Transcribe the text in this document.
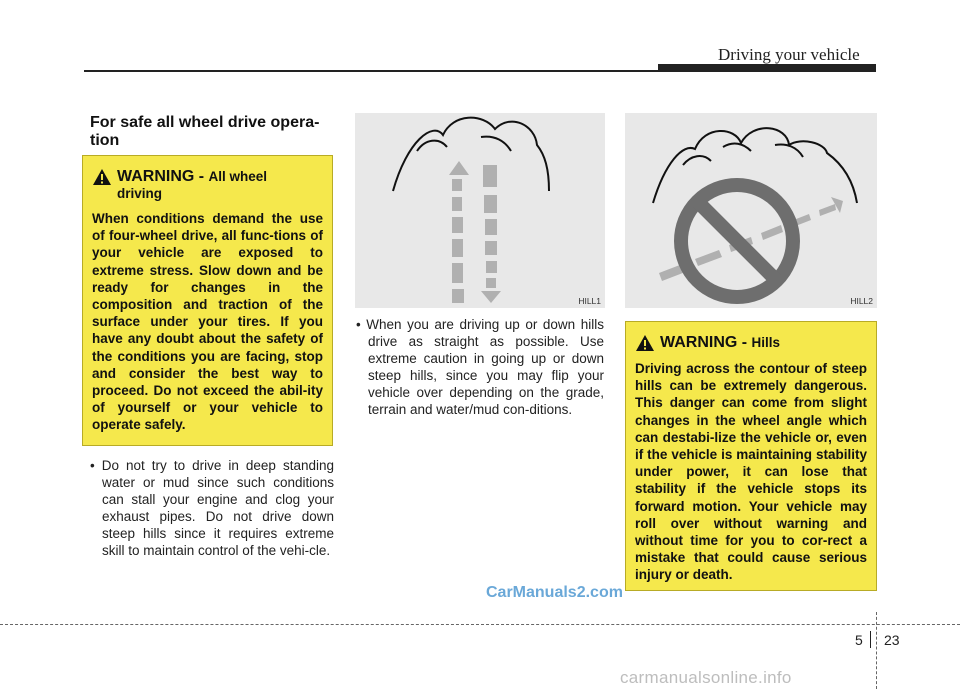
Driving your vehicle
For safe all wheel drive opera-tion
WARNING - All wheel
driving
When conditions demand the use of four-wheel drive, all func-tions of your vehicle are exposed to extreme stress. Slow down and be ready for changes in the composition and traction of the surface under your tires. If you have any doubt about the safety of the conditions you are facing, stop and consider the best way to proceed. Do not exceed the abil-ity of yourself or your vehicle to operate safely.
• Do not try to drive in deep standing water or mud since such conditions can stall your engine and clog your exhaust pipes. Do not drive down steep hills since it requires extreme skill to maintain control of the vehi-cle.
HILL1
• When you are driving up or down hills drive as straight as possible. Use extreme caution in going up or down steep hills, since you may flip your vehicle over depending on the grade, terrain and water/mud con-ditions.
HILL2
WARNING - Hills
Driving across the contour of steep hills can be extremely dangerous. This danger can come from slight changes in the wheel angle which can destabi-lize the vehicle or, even if the vehicle is maintaining stability under power, it can lose that stability if the vehicle stops its forward motion. Your vehicle may roll over without warning and without time for you to cor-rect a mistake that could cause serious injury or death.
CarManuals2.com
5 23
carmanualsonline.info
